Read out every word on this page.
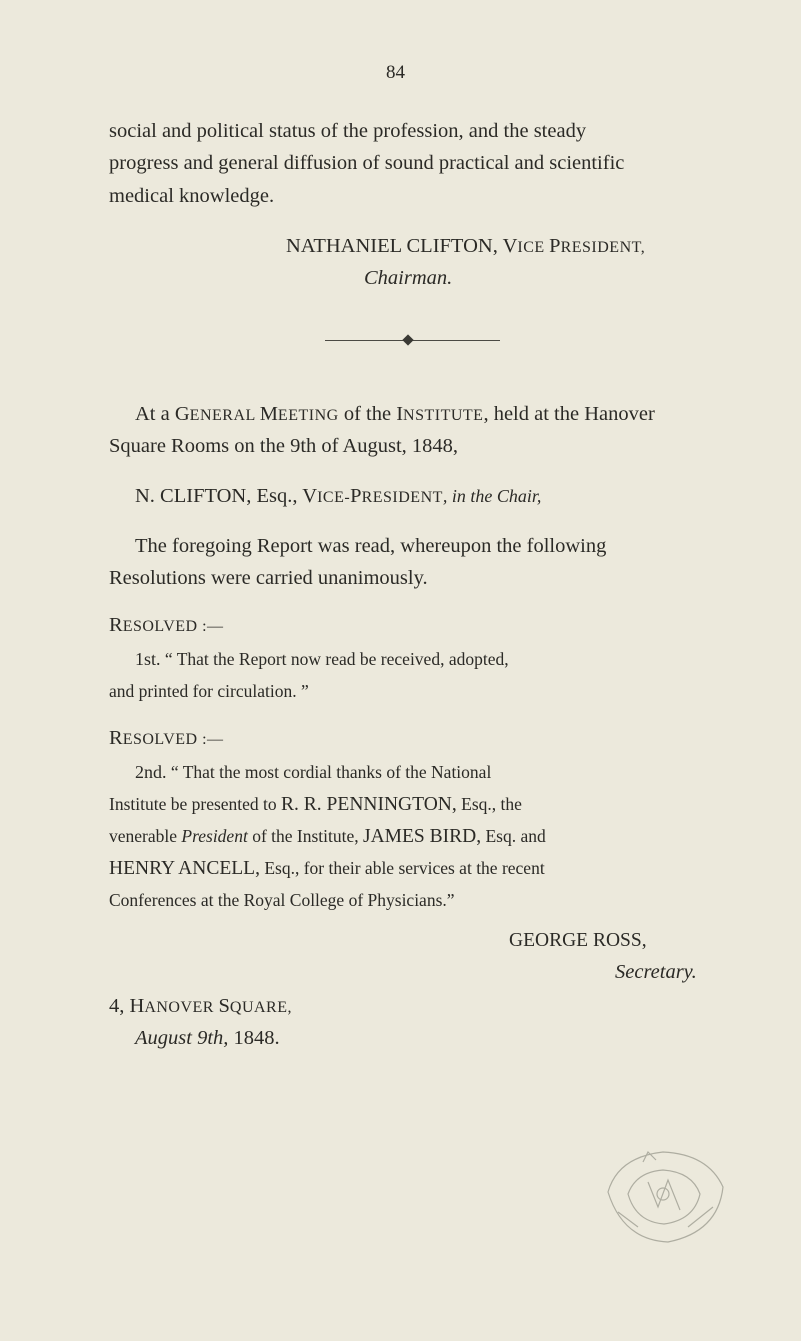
84
social and political status of the profession, and the steady
progress and general diffusion of sound practical and scientific
medical knowledge.
NATHANIEL CLIFTON, VICE PRESIDENT,
Chairman.
At a GENERAL MEETING of the INSTITUTE, held at the Hanover
Square Rooms on the 9th of August, 1848,
N. CLIFTON, Esq., VICE-PRESIDENT, in the Chair,
The foregoing Report was read, whereupon the following
Resolutions were carried unanimously.
RESOLVED :—
1st. “ That the Report now read be received, adopted,
and printed for circulation. ”
RESOLVED :—
2nd. “ That the most cordial thanks of the National
Institute be presented to R. R. PENNINGTON, Esq., the
venerable President of the Institute, JAMES BIRD, Esq. and
HENRY ANCELL, Esq., for their able services at the recent
Conferences at the Royal College of Physicians.”
GEORGE ROSS,
Secretary.
4, HANOVER SQUARE,
August 9th, 1848.
